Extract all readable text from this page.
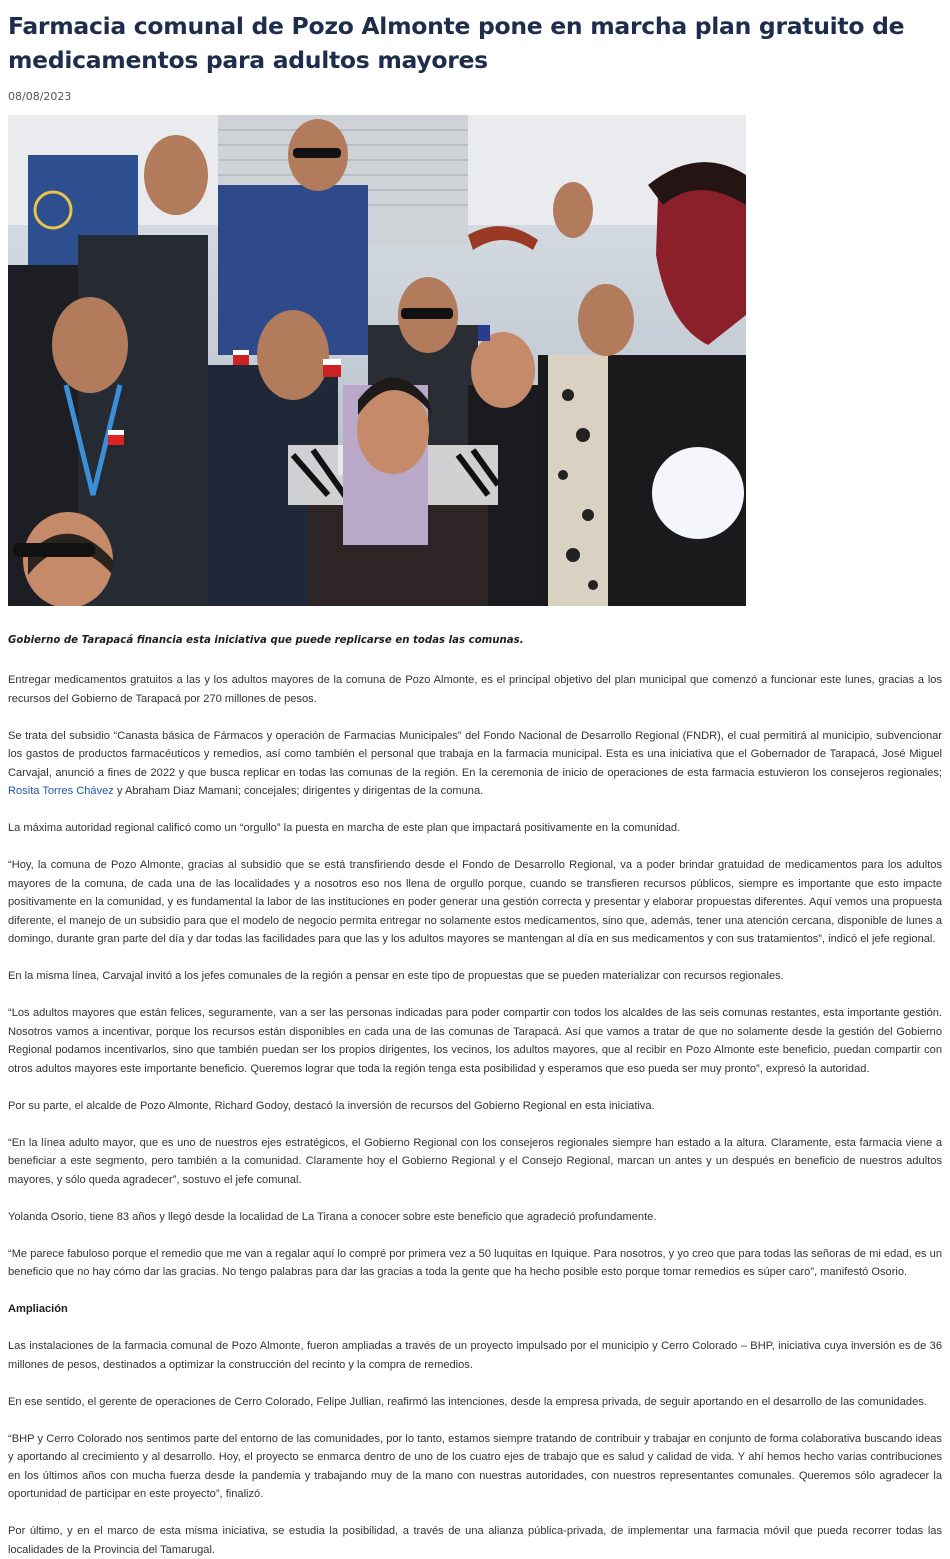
Farmacia comunal de Pozo Almonte pone en marcha plan gratuito de medicamentos para adultos mayores
08/08/2023
Gobierno de Tarapacá financia esta iniciativa que puede replicarse en todas las comunas.

Entregar medicamentos gratuitos a las y los adultos mayores de la comuna de Pozo Almonte, es el principal objetivo del plan municipal que comenzó a funcionar este lunes, gracias a los recursos del Gobierno de Tarapacá por 270 millones de pesos.

Se trata del subsidio “Canasta básica de Fármacos y operación de Farmacias Municipales” del Fondo Nacional de Desarrollo Regional (FNDR), el cual permitirá al municipio, subvencionar los gastos de productos farmacéuticos y remedios, así como también el personal que trabaja en la farmacia municipal. Esta es una iniciativa que el Gobernador de Tarapacá, José Miguel Carvajal, anunció a fines de 2022 y que busca replicar en todas las comunas de la región. En la ceremonia de inicio de operaciones de esta farmacia estuvieron los consejeros regionales; Rosita Torres Chávez y Abraham Diaz Mamani; concejales; dirigentes y dirigentas de la comuna.

La máxima autoridad regional calificó como un “orgullo” la puesta en marcha de este plan que impactará positivamente en la comunidad.

“Hoy, la comuna de Pozo Almonte, gracias al subsidio que se está transfiriendo desde el Fondo de Desarrollo Regional, va a poder brindar gratuidad de medicamentos para los adultos mayores de la comuna, de cada una de las localidades y a nosotros eso nos llena de orgullo porque, cuando se transfieren recursos públicos, siempre es importante que esto impacte positivamente en la comunidad, y es fundamental la labor de las instituciones en poder generar una gestión correcta y presentar y elaborar propuestas diferentes. Aquí vemos una propuesta diferente, el manejo de un subsidio para que el modelo de negocio permita entregar no solamente estos medicamentos, sino que, además, tener una atención cercana, disponible de lunes a domingo, durante gran parte del día y dar todas las facilidades para que las y los adultos mayores se mantengan al día en sus medicamentos y con sus tratamientos”, indicó el jefe regional.

En la misma línea, Carvajal invitó a los jefes comunales de la región a pensar en este tipo de propuestas que se pueden materializar con recursos regionales.

“Los adultos mayores que están felices, seguramente, van a ser las personas indicadas para poder compartir con todos los alcaldes de las seis comunas restantes, esta importante gestión. Nosotros vamos a incentivar, porque los recursos están disponibles en cada una de las comunas de Tarapacá. Así que vamos a tratar de que no solamente desde la gestión del Gobierno Regional podamos incentivarlos, sino que también puedan ser los propios dirigentes, los vecinos, los adultos mayores, que al recibir en Pozo Almonte este beneficio, puedan compartir con otros adultos mayores este importante beneficio. Queremos lograr que toda la región tenga esta posibilidad y esperamos que eso pueda ser muy pronto”, expresó la autoridad.

Por su parte, el alcalde de Pozo Almonte, Richard Godoy, destacó la inversión de recursos del Gobierno Regional en esta iniciativa.

“En la línea adulto mayor, que es uno de nuestros ejes estratégicos, el Gobierno Regional con los consejeros regionales siempre han estado a la altura. Claramente, esta farmacia viene a beneficiar a este segmento, pero también a la comunidad. Claramente hoy el Gobierno Regional y el Consejo Regional, marcan un antes y un después en beneficio de nuestros adultos mayores, y sólo queda agradecer”, sostuvo el jefe comunal.

Yolanda Osorio, tiene 83 años y llegó desde la localidad de La Tirana a conocer sobre este beneficio que agradeció profundamente.

“Me parece fabuloso porque el remedio que me van a regalar aquí lo compré por primera vez a 50 luquitas en Iquique. Para nosotros, y yo creo que para todas las señoras de mi edad, es un beneficio que no hay cómo dar las gracias. No tengo palabras para dar las gracias a toda la gente que ha hecho posible esto porque tomar remedios es súper caro”, manifestó Osorio.

Ampliación

Las instalaciones de la farmacia comunal de Pozo Almonte, fueron ampliadas a través de un proyecto impulsado por el municipio y Cerro Colorado – BHP, iniciativa cuya inversión es de 36 millones de pesos, destinados a optimizar la construcción del recinto y la compra de remedios.

En ese sentido, el gerente de operaciones de Cerro Colorado, Felipe Jullian, reafirmó las intenciones, desde la empresa privada, de seguir aportando en el desarrollo de las comunidades.

“BHP y Cerro Colorado nos sentimos parte del entorno de las comunidades, por lo tanto, estamos siempre tratando de contribuir y trabajar en conjunto de forma colaborativa buscando ideas y aportando al crecimiento y al desarrollo. Hoy, el proyecto se enmarca dentro de uno de los cuatro ejes de trabajo que es salud y calidad de vida. Y ahí hemos hecho varias contribuciones en los últimos años con mucha fuerza desde la pandemia y trabajando muy de la mano con nuestras autoridades, con nuestros representantes comunales. Queremos sólo agradecer la oportunidad de participar en este proyecto”, finalizó.

Por último, y en el marco de esta misma iniciativa, se estudia la posibilidad, a través de una alianza pública-privada, de implementar una farmacia móvil que pueda recorrer todas las localidades de la Provincia del Tamarugal.
